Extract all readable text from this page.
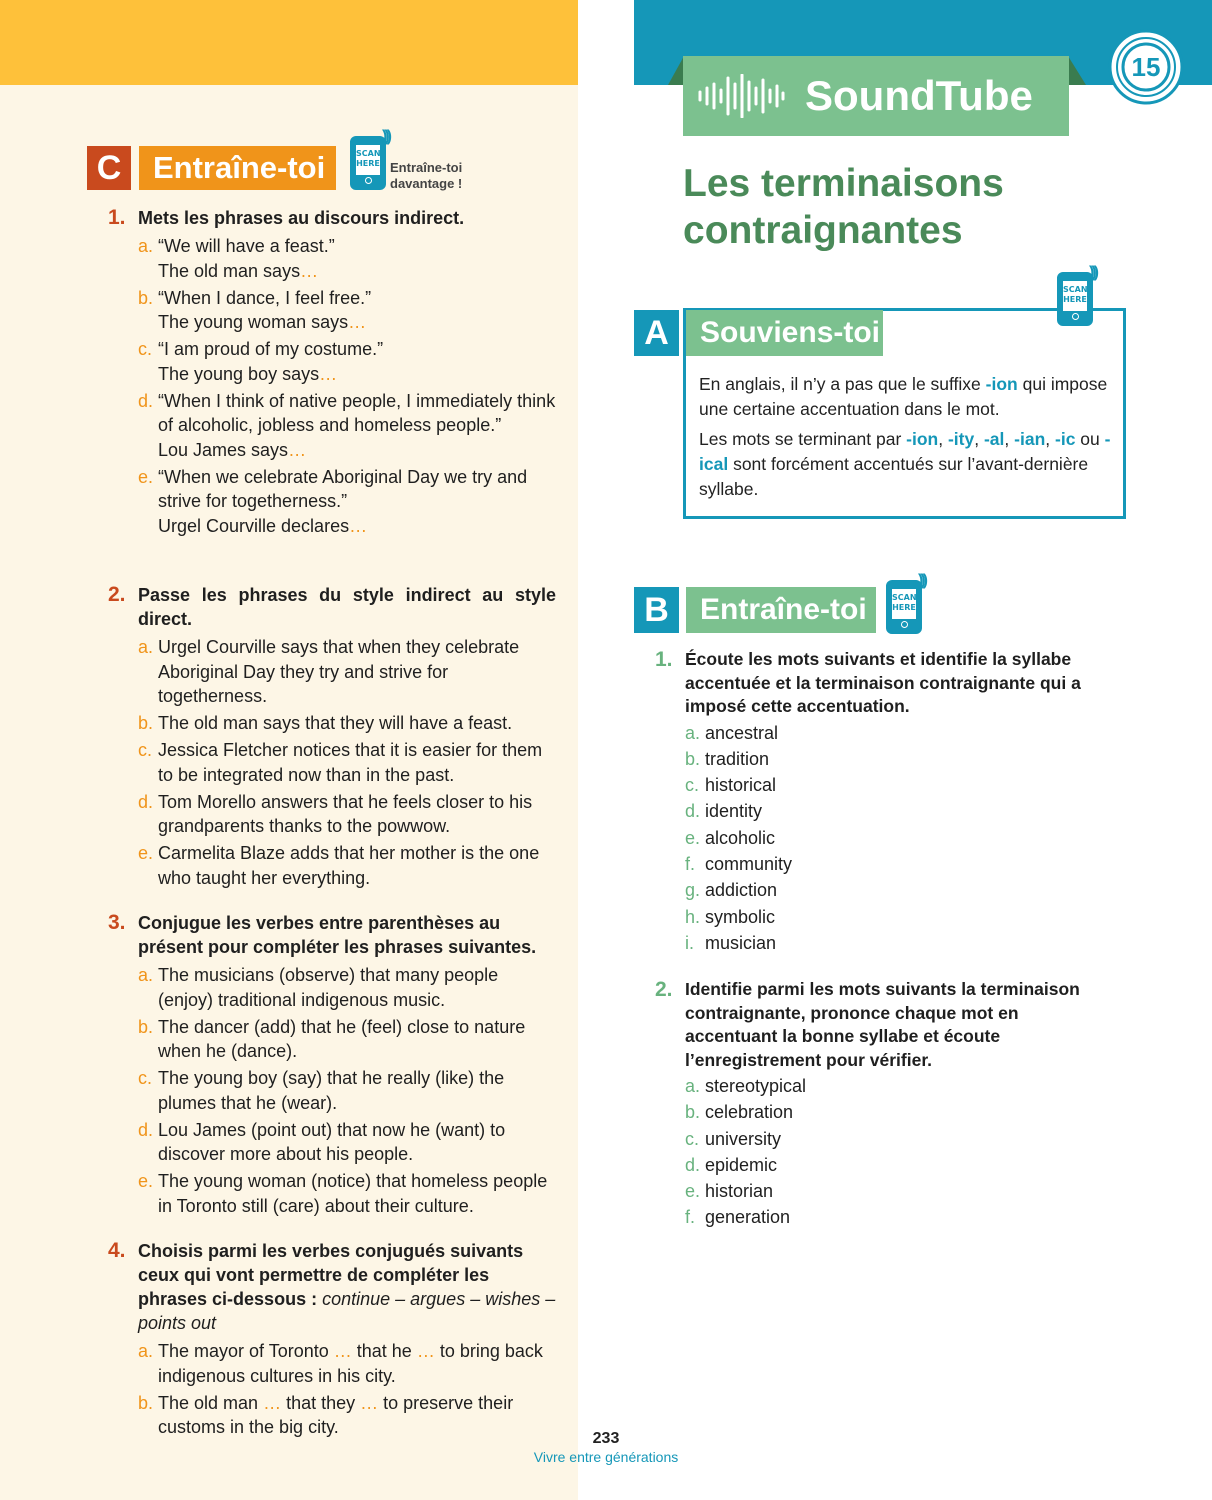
C	Entraîne-toi	SCAN HERE
)))
Entraîne-toi
davantage !
1. Mets les phrases au discours indirect.
a. “We will have a feast.”
The old man says…
b. “When I dance, I feel free.”
The young woman says…
c. “I am proud of my costume.”
The young boy says…
d. “When I think of native people, I immediately think of alcoholic, jobless and homeless people.”
Lou James says…
e. “When we celebrate Aboriginal Day we try and strive for togetherness.”
Urgel Courville declares…
2. Passe les phrases du style indirect au style direct.
a. Urgel Courville says that when they celebrate Aboriginal Day they try and strive for togetherness.
b. The old man says that they will have a feast.
c. Jessica Fletcher notices that it is easier for them to be integrated now than in the past.
d. Tom Morello answers that he feels closer to his grandparents thanks to the powwow.
e. Carmelita Blaze adds that her mother is the one who taught her everything.
3. Conjugue les verbes entre parenthèses au présent pour compléter les phrases suivantes.
a. The musicians (observe) that many people (enjoy) traditional indigenous music.
b. The dancer (add) that he (feel) close to nature when he (dance).
c. The young boy (say) that he really (like) the plumes that he (wear).
d. Lou James (point out) that now he (want) to discover more about his people.
e. The young woman (notice) that homeless people in Toronto still (care) about their culture.
4. Choisis parmi les verbes conjugués suivants ceux qui vont permettre de compléter les phrases ci-dessous : continue – argues – wishes – points out
a. The mayor of Toronto … that he … to bring back indigenous cultures in his city.
b. The old man … that they … to preserve their customs in the big city.
SoundTube
15
Les terminaisons
contraignantes
A	Souviens-toi
SCAN HERE
)))

En anglais, il n’y a pas que le suffixe -ion qui impose une certaine accentuation dans le mot.

Les mots se terminant par -ion, -ity, -al, -ian, -ic ou -ical sont forcément accentués sur l’avant-dernière syllabe.

B	Entraîne-toi	SCAN HERE
)))
1. Écoute les mots suivants et identifie la syllabe accentuée et la terminaison contraignante qui a imposé cette accentuation.
a. ancestral
b. tradition
c. historical
d. identity
e. alcoholic
f. community
g. addiction
h. symbolic
i. musician
2. Identifie parmi les mots suivants la terminaison contraignante, prononce chaque mot en accentuant la bonne syllabe et écoute l’enregistrement pour vérifier.
a. stereotypical
b. celebration
c. university
d. epidemic
e. historian
f. generation
233
Vivre entre générations
